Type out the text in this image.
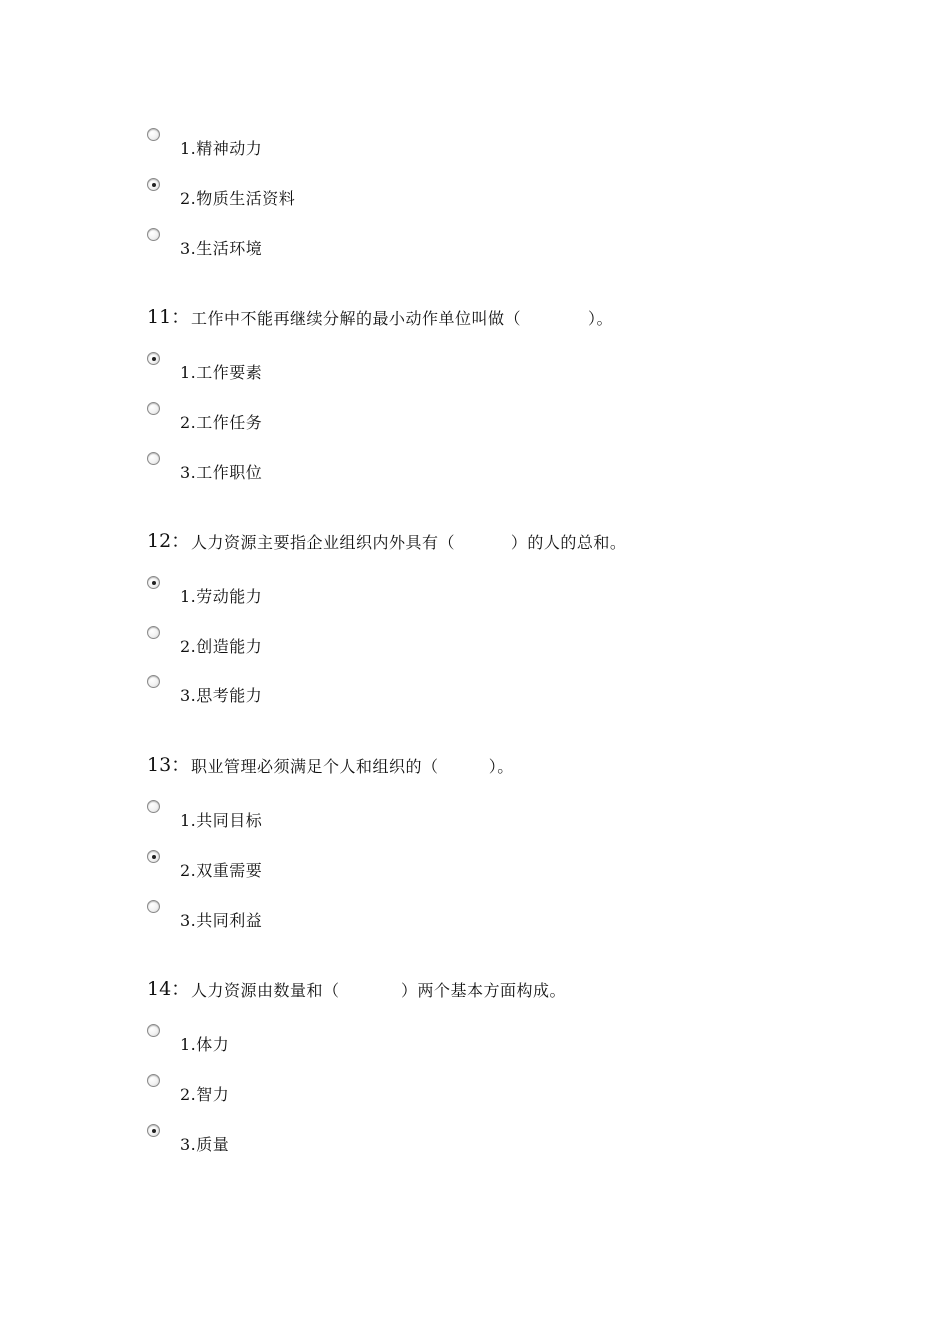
1.精神动力
2.物质生活资料
3.生活环境
11： 工作中不能再继续分解的最小动作单位叫做（            ）。
1.工作要素
2.工作任务
3.工作职位
12： 人力资源主要指企业组织内外具有（          ）的人的总和。
1.劳动能力
2.创造能力
3.思考能力
13： 职业管理必须满足个人和组织的（         ）。
1.共同目标
2.双重需要
3.共同利益
14： 人力资源由数量和（           ）两个基本方面构成。
1.体力
2.智力
3.质量
